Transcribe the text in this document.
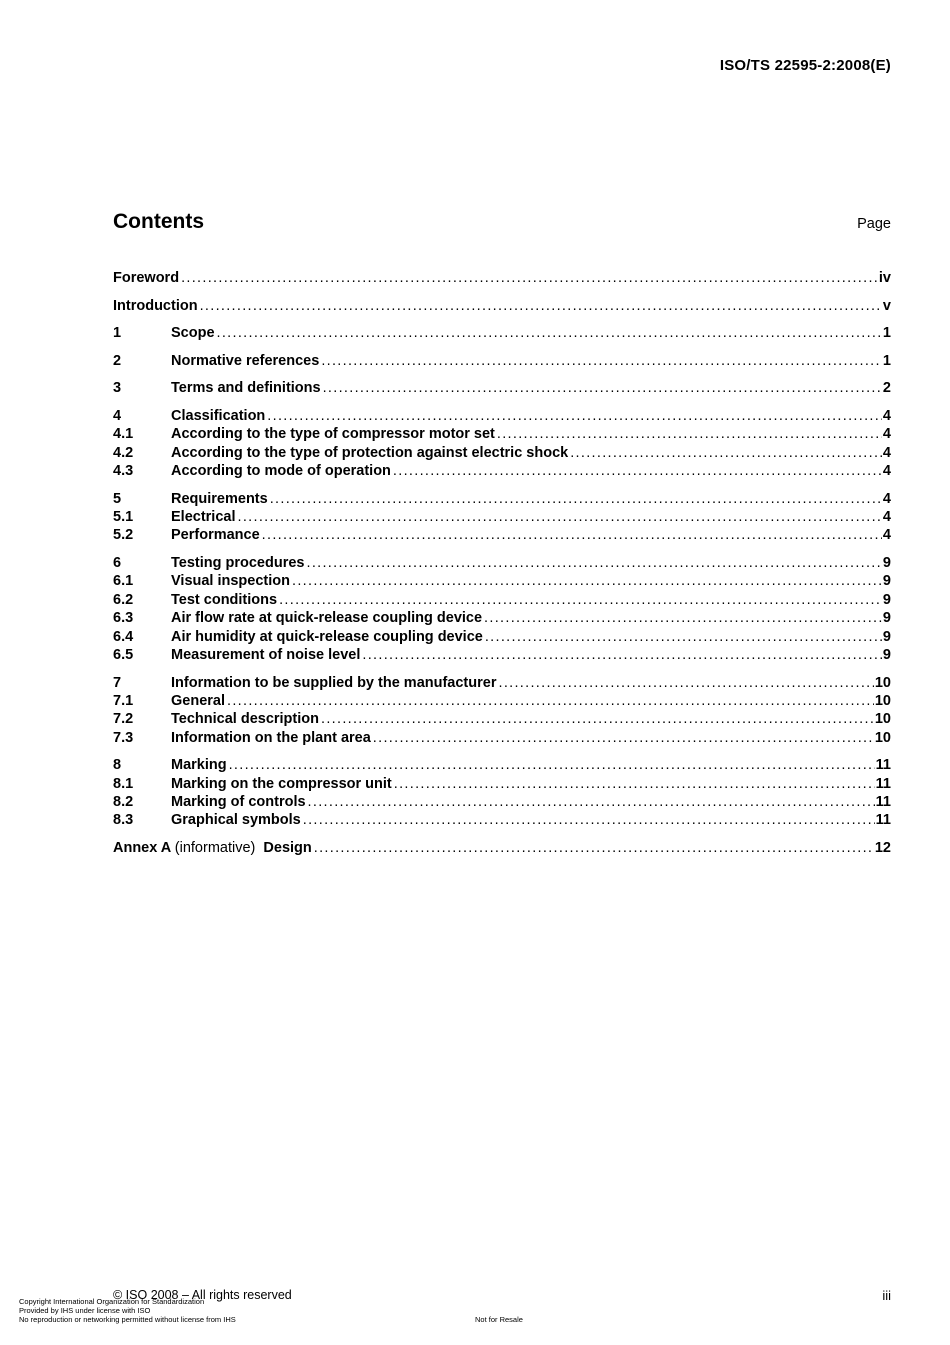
ISO/TS 22595-2:2008(E)
Contents	Page
Foreword .....	iv
Introduction .....	v
1	Scope .....	1
2	Normative references .....	1
3	Terms and definitions .....	2
4	Classification .....	4
4.1	According to the type of compressor motor set .....	4
4.2	According to the type of protection against electric shock .....	4
4.3	According to mode of operation .....	4
5	Requirements .....	4
5.1	Electrical .....	4
5.2	Performance .....	4
6	Testing procedures .....	9
6.1	Visual inspection .....	9
6.2	Test conditions .....	9
6.3	Air flow rate at quick-release coupling device .....	9
6.4	Air humidity at quick-release coupling device .....	9
6.5	Measurement of noise level .....	9
7	Information to be supplied by the manufacturer .....	10
7.1	General .....	10
7.2	Technical description .....	10
7.3	Information on the plant area .....	10
8	Marking .....	11
8.1	Marking on the compressor unit .....	11
8.2	Marking of controls .....	11
8.3	Graphical symbols .....	11
Annex A (informative) Design .....	12
© ISO 2008 – All rights reserved	iii
Copyright International Organization for Standardization
Provided by IHS under license with ISO
No reproduction or networking permitted without license from IHS	Not for Resale
